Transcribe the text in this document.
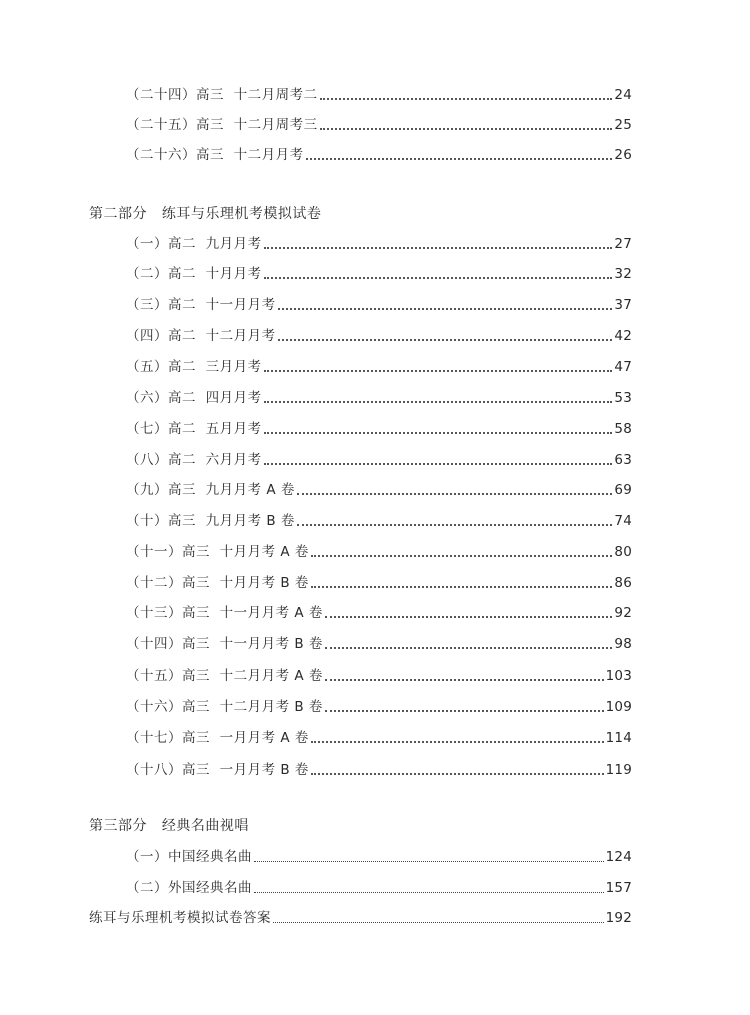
（二十四）高三  十二月周考二	24
（二十五）高三  十二月周考三	25
（二十六）高三  十二月月考	26
第二部分   练耳与乐理机考模拟试卷
（一）高二  九月月考	27
（二）高二  十月月考	32
（三）高二  十一月月考	37
（四）高二  十二月月考	42
（五）高二  三月月考	47
（六）高二  四月月考	53
（七）高二  五月月考	58
（八）高二  六月月考	63
（九）高三  九月月考 A 卷	69
（十）高三  九月月考 B 卷	74
（十一）高三  十月月考 A 卷	80
（十二）高三  十月月考 B 卷	86
（十三）高三  十一月月考 A 卷	92
（十四）高三  十一月月考 B 卷	98
（十五）高三  十二月月考 A 卷	103
（十六）高三  十二月月考 B 卷	109
（十七）高三  一月月考 A 卷	114
（十八）高三  一月月考 B 卷	119
第三部分   经典名曲视唱
（一）中国经典名曲	124
（二）外国经典名曲	157
练耳与乐理机考模拟试卷答案	192
